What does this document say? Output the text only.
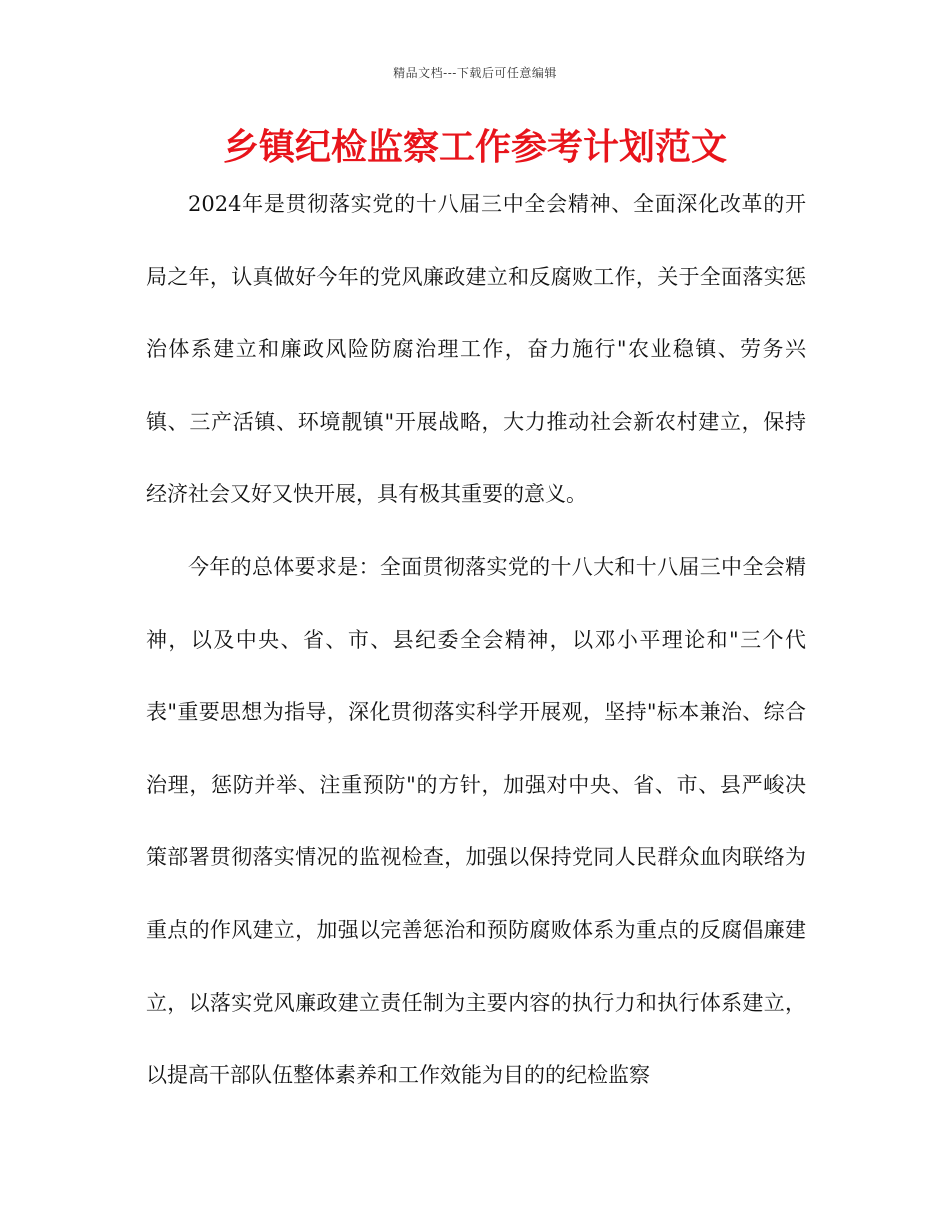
精品文档---下载后可任意编辑
乡镇纪检监察工作参考计划范文

2024年是贯彻落实党的十八届三中全会精神、全面深化改革的开局之年，认真做好今年的党风廉政建立和反腐败工作，关于全面落实惩治体系建立和廉政风险防腐治理工作，奋力施行"农业稳镇、劳务兴镇、三产活镇、环境靓镇"开展战略，大力推动社会新农村建立，保持经济社会又好又快开展，具有极其重要的意义。

今年的总体要求是：全面贯彻落实党的十八大和十八届三中全会精神，以及中央、省、市、县纪委全会精神，以邓小平理论和"三个代表"重要思想为指导，深化贯彻落实科学开展观，坚持"标本兼治、综合治理，惩防并举、注重预防"的方针，加强对中央、省、市、县严峻决策部署贯彻落实情况的监视检查，加强以保持党同人民群众血肉联络为重点的作风建立，加强以完善惩治和预防腐败体系为重点的反腐倡廉建立，以落实党风廉政建立责任制为主要内容的执行力和执行体系建立，以提高干部队伍整体素养和工作效能为目的的纪检监察
